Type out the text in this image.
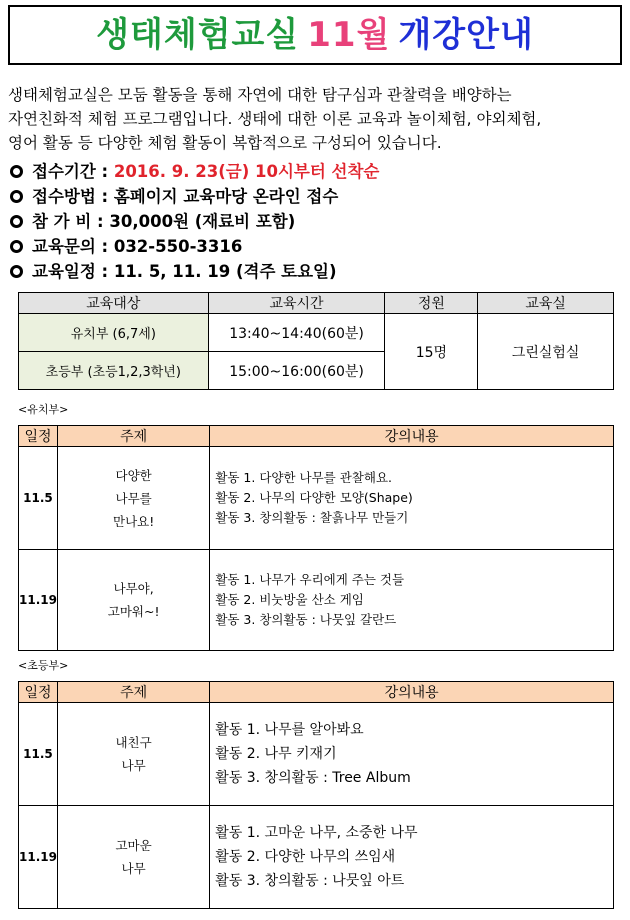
생태체험교실 11월 개강안내
생태체험교실은 모둠 활동을 통해 자연에 대한 탐구심과 관찰력을 배양하는
자연친화적 체험 프로그램입니다. 생태에 대한 이론 교육과 놀이체험, 야외체험,
영어 활동 등 다양한 체험 활동이 복합적으로 구성되어 있습니다.
접수기간 : 2016. 9. 23(금) 10시부터 선착순
접수방법 : 홈페이지 교육마당 온라인 접수
참 가 비 : 30,000원 (재료비 포함)
교육문의 : 032-550-3316
교육일정 : 11. 5, 11. 19 (격주 토요일)
교육대상	교육시간	정원	교육실
유치부 (6,7세)	13:40~14:40(60분)	15명	그린실험실
초등부 (초등1,2,3학년)	15:00~16:00(60분)		
<유치부>
일정	주제	강의내용
11.5	다양한
나무를
만나요!	활동 1. 다양한 나무를 관찰해요.
활동 2. 나무의 다양한 모양(Shape)
활동 3. 창의활동 : 찰흙나무 만들기

11.19	나무야,
고마워~!	활동 1. 나무가 우리에게 주는 것들
활동 2. 비눗방울 산소 게임
활동 3. 창의활동 : 나뭇잎 갈란드
<초등부>
일정	주제	강의내용
11.5	내친구
나무	활동 1. 나무를 알아봐요
활동 2. 나무 키재기
활동 3. 창의활동 : Tree Album

11.19	고마운
나무	활동 1. 고마운 나무, 소중한 나무
활동 2. 다양한 나무의 쓰임새
활동 3. 창의활동 : 나뭇잎 아트
